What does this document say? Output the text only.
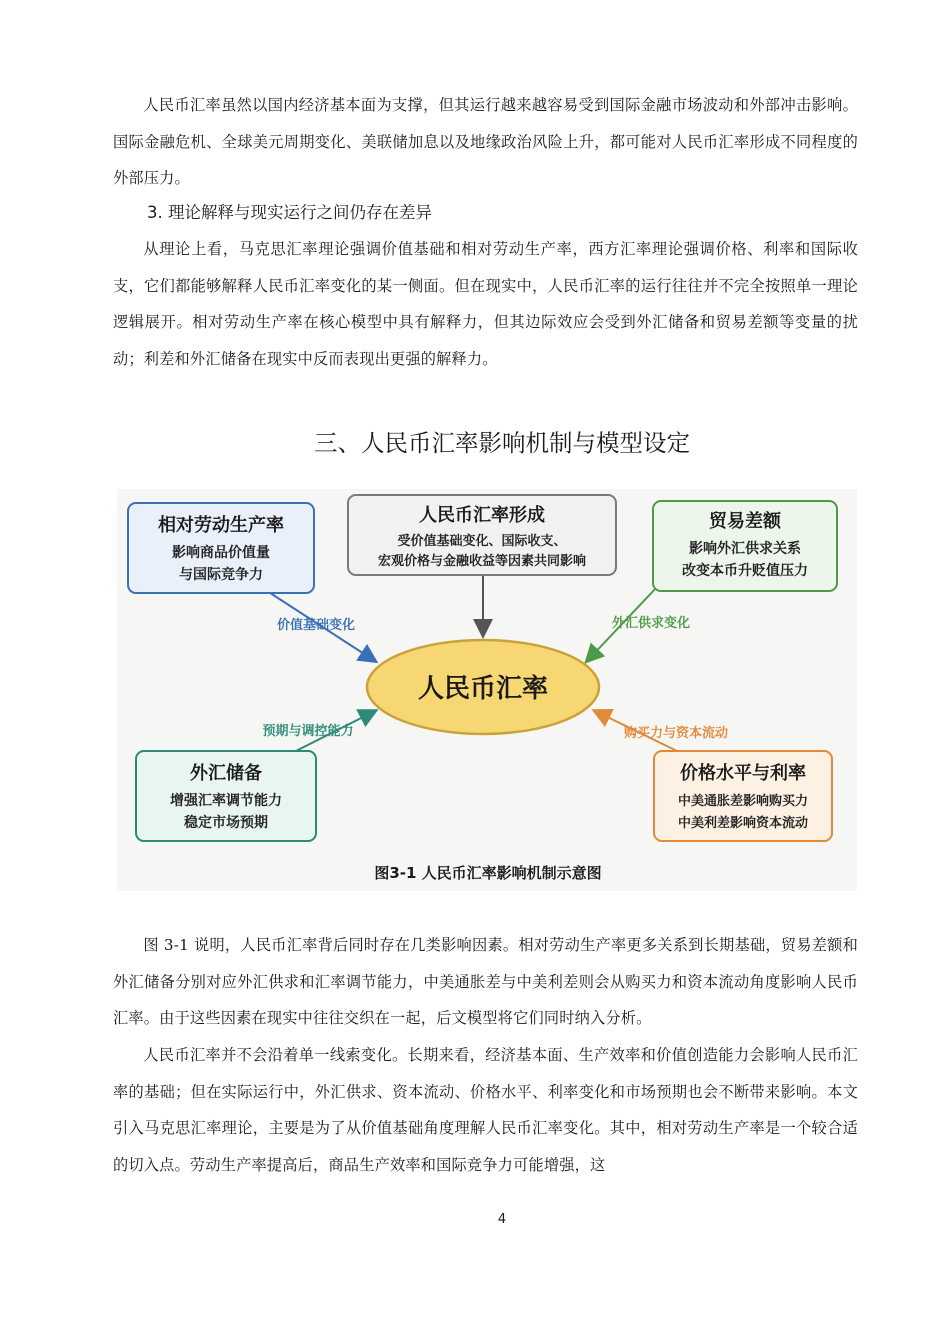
人民币汇率虽然以国内经济基本面为支撑，但其运行越来越容易受到国际金融市场波动和外部冲击影响。国际金融危机、全球美元周期变化、美联储加息以及地缘政治风险上升，都可能对人民币汇率形成不同程度的外部压力。

3. 理论解释与现实运行之间仍存在差异

从理论上看，马克思汇率理论强调价值基础和相对劳动生产率，西方汇率理论强调价格、利率和国际收支，它们都能够解释人民币汇率变化的某一侧面。但在现实中，人民币汇率的运行往往并不完全按照单一理论逻辑展开。相对劳动生产率在核心模型中具有解释力，但其边际效应会受到外汇储备和贸易差额等变量的扰动；利差和外汇储备在现实中反而表现出更强的解释力。

三、人民币汇率影响机制与模型设定
价值基础变化	外汇供求变化
预期与调控能力	购买力与资本流动
人民币汇率
相对劳动生产率
影响商品价值量
与国际竞争力
人民币汇率形成
受价值基础变化、国际收支、
宏观价格与金融收益等因素共同影响
贸易差额
影响外汇供求关系
改变本币升贬值压力
外汇储备
增强汇率调节能力
稳定市场预期
价格水平与利率
中美通胀差影响购买力
中美利差影响资本流动
图3-1 人民币汇率影响机制示意图

图 3-1 说明，人民币汇率背后同时存在几类影响因素。相对劳动生产率更多关系到长期基础，贸易差额和外汇储备分别对应外汇供求和汇率调节能力，中美通胀差与中美利差则会从购买力和资本流动角度影响人民币汇率。由于这些因素在现实中往往交织在一起，后文模型将它们同时纳入分析。

人民币汇率并不会沿着单一线索变化。长期来看，经济基本面、生产效率和价值创造能力会影响人民币汇率的基础；但在实际运行中，外汇供求、资本流动、价格水平、利率变化和市场预期也会不断带来影响。本文引入马克思汇率理论，主要是为了从价值基础角度理解人民币汇率变化。其中，相对劳动生产率是一个较合适的切入点。劳动生产率提高后，商品生产效率和国际竞争力可能增强，这

4
